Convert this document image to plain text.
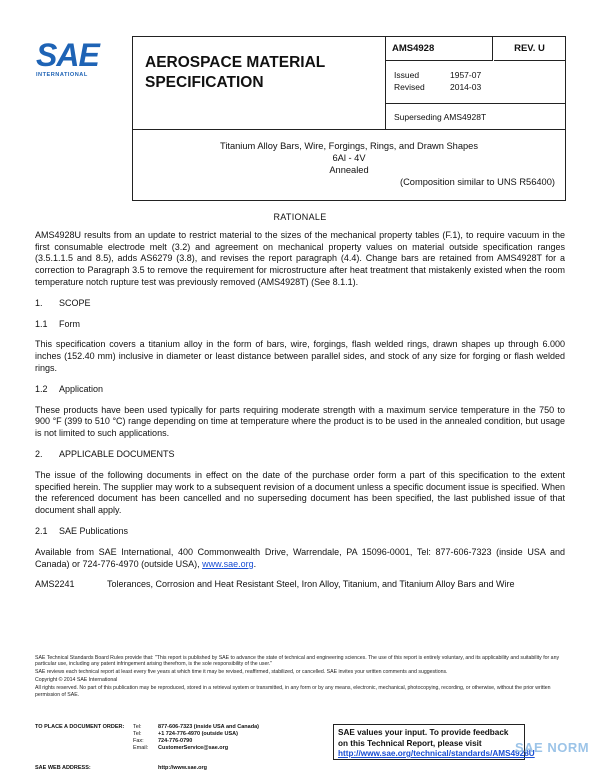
SAE
INTERNATIONAL
AEROSPACE MATERIAL
SPECIFICATION
AMS4928	REV. U
Issued	1957-07
Revised	2014-03
Superseding AMS4928T
Titanium Alloy Bars, Wire, Forgings, Rings, and Drawn Shapes
6Al - 4V
Annealed
(Composition similar to UNS R56400)
RATIONALE

AMS4928U results from an update to restrict material to the sizes of the mechanical property tables (F.1), to require vacuum in the first consumable electrode melt (3.2) and agreement on mechanical property values on material outside specification ranges (3.5.1.1.5 and 8.5), adds AS6279 (3.8), and revises the report paragraph (4.4). Change bars are retained from AMS4928T for a correction to Paragraph 3.5 to remove the requirement for microstructure after heat treatment that mistakenly existed when the room temperature notch rupture test was previously removed (AMS4928T) (See 8.1.1).

1. SCOPE
1.1 Form

This specification covers a titanium alloy in the form of bars, wire, forgings, flash welded rings, drawn shapes up through 6.000 inches (152.40 mm) inclusive in diameter or least distance between parallel sides, and stock of any size for forging or flash welded rings.

1.2 Application

These products have been used typically for parts requiring moderate strength with a maximum service temperature in the 750 to 900 °F (399 to 510 °C) range depending on time at temperature where the product is to be used in the annealed condition, but usage is not limited to such applications.

2. APPLICABLE DOCUMENTS

The issue of the following documents in effect on the date of the purchase order form a part of this specification to the extent specified herein. The supplier may work to a subsequent revision of a document unless a specific document issue is specified. When the referenced document has been cancelled and no superseding document has been specified, the last published issue of that document shall apply.

2.1 SAE Publications

Available from SAE International, 400 Commonwealth Drive, Warrendale, PA 15096-0001, Tel: 877-606-7323 (inside USA and Canada) or 724-776-4970 (outside USA), www.sae.org.

AMS2241	Tolerances, Corrosion and Heat Resistant Steel, Iron Alloy, Titanium, and Titanium Alloy Bars and Wire

SAE Technical Standards Board Rules provide that: "This report is published by SAE to advance the state of technical and engineering sciences. The use of this report is entirely voluntary, and its applicability and suitability for any particular use, including any patent infringement arising therefrom, is the sole responsibility of the user."

SAE reviews each technical report at least every five years at which time it may be revised, reaffirmed, stabilized, or cancelled. SAE invites your written comments and suggestions.

Copyright © 2014 SAE International

All rights reserved. No part of this publication may be reproduced, stored in a retrieval system or transmitted, in any form or by any means, electronic, mechanical, photocopying, recording, or otherwise, without the prior written permission of SAE.

TO PLACE A DOCUMENT ORDER: Tel:	877-606-7323 (inside USA and Canada)
Tel:	+1 724-776-4970 (outside USA)
Fax:	724-776-0790
Email: CustomerService@sae.org
SAE WEB ADDRESS:	http://www.sae.org
SAE values your input. To provide feedback
on this Technical Report, please visit
http://www.sae.org/technical/standards/AMS4928U
SAE NORM
